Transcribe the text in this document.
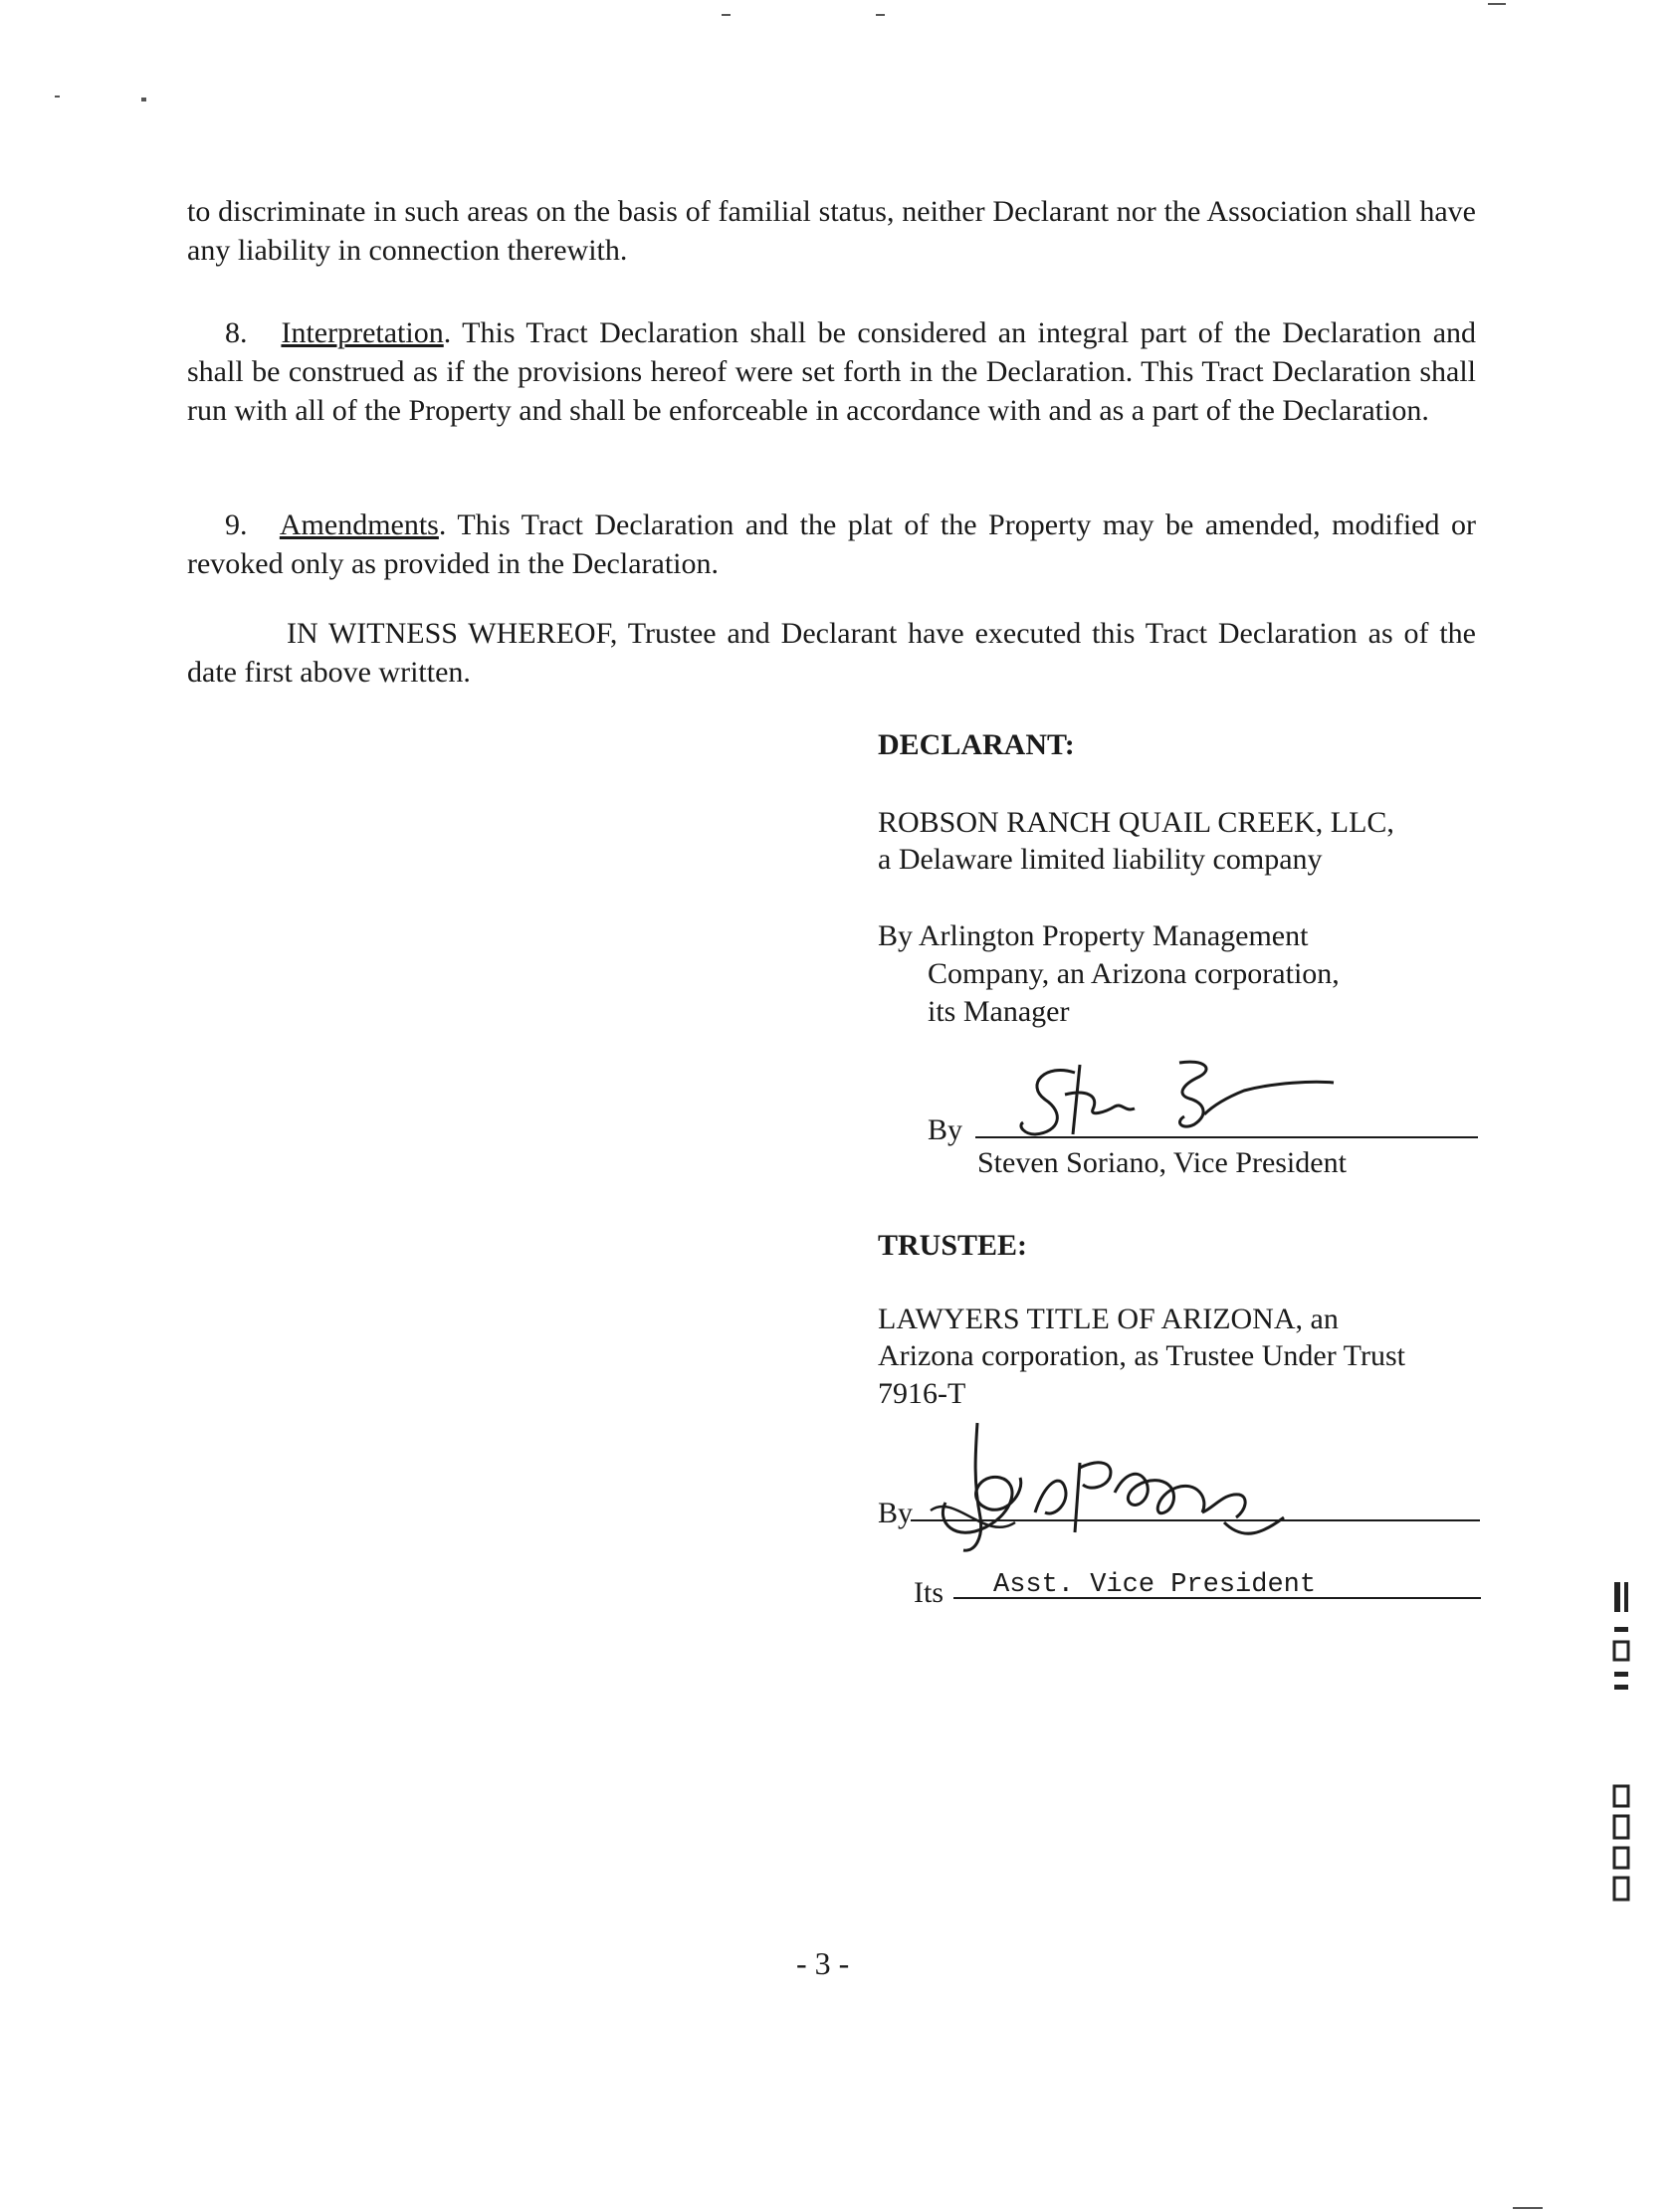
to discriminate in such areas on the basis of familial status, neither Declarant nor the Association shall have any liability in connection therewith.

8. Interpretation. This Tract Declaration shall be considered an integral part of the Declaration and shall be construed as if the provisions hereof were set forth in the Declaration. This Tract Declaration shall run with all of the Property and shall be enforceable in accordance with and as a part of the Declaration.

9. Amendments. This Tract Declaration and the plat of the Property may be amended, modified or revoked only as provided in the Declaration.

IN WITNESS WHEREOF, Trustee and Declarant have executed this Tract Declaration as of the date first above written.

DECLARANT:
ROBSON RANCH QUAIL CREEK, LLC,
a Delaware limited liability company
By Arlington Property Management
Company, an Arizona corporation,
its Manager
By
Steven Soriano, Vice President
TRUSTEE:
LAWYERS TITLE OF ARIZONA, an
Arizona corporation, as Trustee Under Trust
7916-T
By
Its Asst. Vice President
- 3 -
